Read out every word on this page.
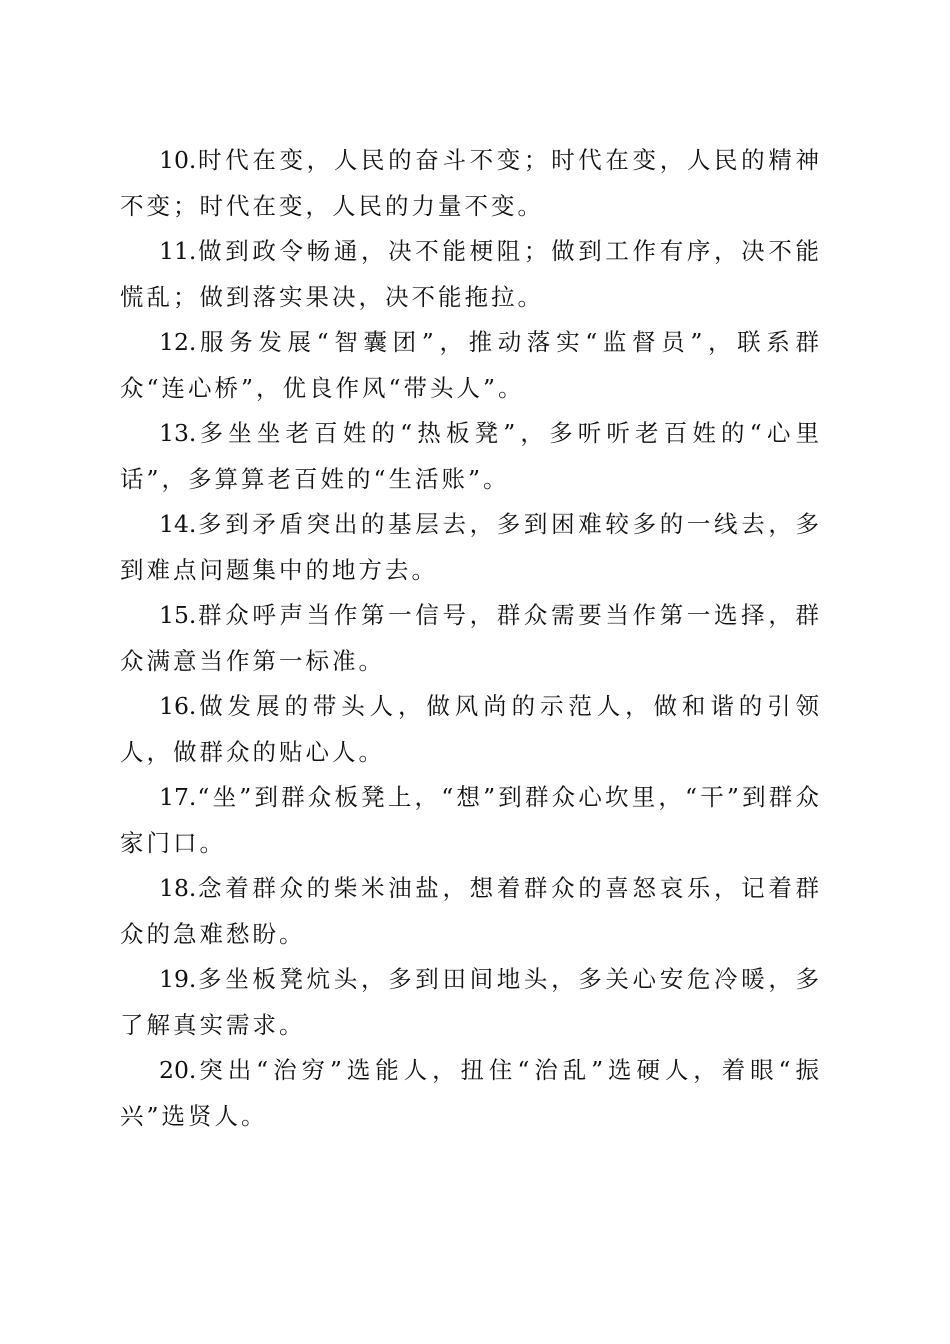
10.时代在变，人民的奋斗不变；时代在变，人民的精神不变；时代在变，人民的力量不变。

11.做到政令畅通，决不能梗阻；做到工作有序，决不能慌乱；做到落实果决，决不能拖拉。

12.服务发展“智囊团”，推动落实“监督员”，联系群众“连心桥”，优良作风“带头人”。

13.多坐坐老百姓的“热板凳”，多听听老百姓的“心里话”，多算算老百姓的“生活账”。

14.多到矛盾突出的基层去，多到困难较多的一线去，多到难点问题集中的地方去。

15.群众呼声当作第一信号，群众需要当作第一选择，群众满意当作第一标准。

16.做发展的带头人，做风尚的示范人，做和谐的引领人，做群众的贴心人。

17.“坐”到群众板凳上，“想”到群众心坎里，“干”到群众家门口。

18.念着群众的柴米油盐，想着群众的喜怒哀乐，记着群众的急难愁盼。

19.多坐板凳炕头，多到田间地头，多关心安危冷暖，多了解真实需求。

20.突出“治穷”选能人，扭住“治乱”选硬人，着眼“振兴”选贤人。
